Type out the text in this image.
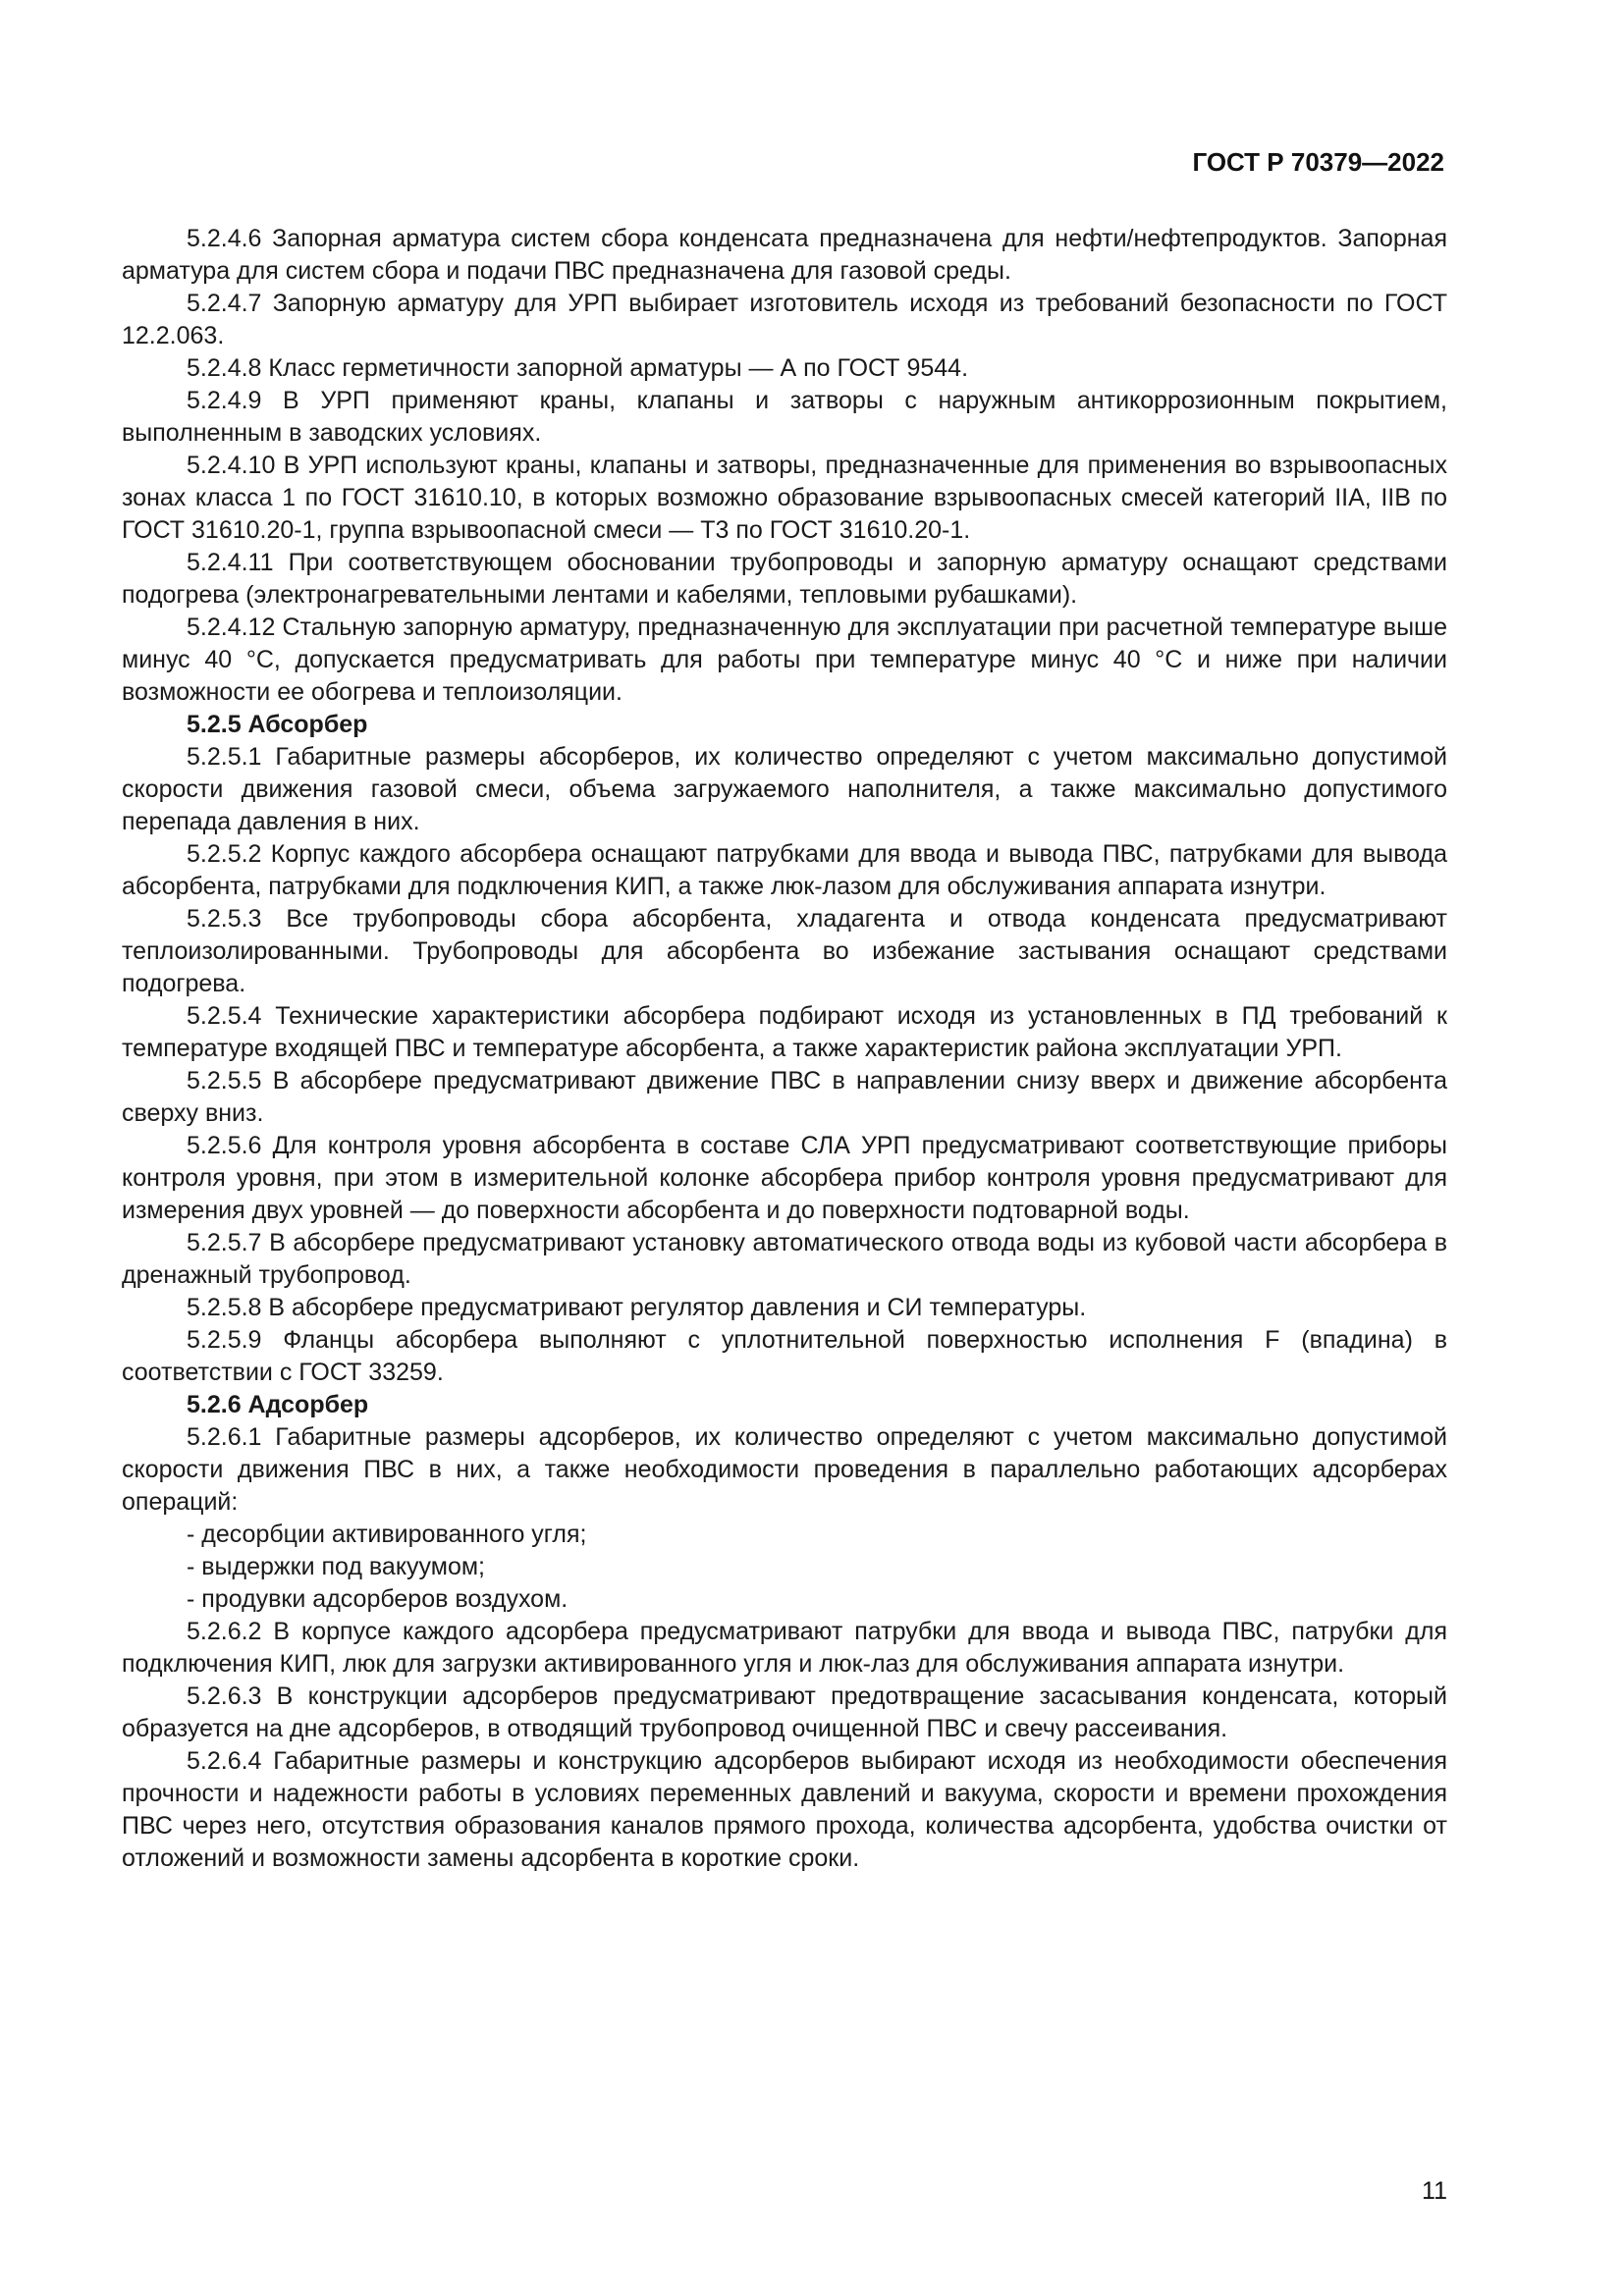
ГОСТ Р 70379—2022

5.2.4.6 Запорная арматура систем сбора конденсата предназначена для нефти/нефтепродуктов. Запорная арматура для систем сбора и подачи ПВС предназначена для газовой среды.

5.2.4.7 Запорную арматуру для УРП выбирает изготовитель исходя из требований безопасности по ГОСТ 12.2.063.

5.2.4.8 Класс герметичности запорной арматуры — А по ГОСТ 9544.

5.2.4.9 В УРП применяют краны, клапаны и затворы с наружным антикоррозионным покрытием, выполненным в заводских условиях.

5.2.4.10 В УРП используют краны, клапаны и затворы, предназначенные для применения во взрывоопасных зонах класса 1 по ГОСТ 31610.10, в которых возможно образование взрывоопасных смесей категорий IIA, IIB по ГОСТ 31610.20-1, группа взрывоопасной смеси — Т3 по ГОСТ 31610.20-1.

5.2.4.11 При соответствующем обосновании трубопроводы и запорную арматуру оснащают средствами подогрева (электронагревательными лентами и кабелями, тепловыми рубашками).

5.2.4.12 Стальную запорную арматуру, предназначенную для эксплуатации при расчетной температуре выше минус 40 °С, допускается предусматривать для работы при температуре минус 40 °С и ниже при наличии возможности ее обогрева и теплоизоляции.

5.2.5 Абсорбер

5.2.5.1 Габаритные размеры абсорберов, их количество определяют с учетом максимально допустимой скорости движения газовой смеси, объема загружаемого наполнителя, а также максимально допустимого перепада давления в них.

5.2.5.2 Корпус каждого абсорбера оснащают патрубками для ввода и вывода ПВС, патрубками для вывода абсорбента, патрубками для подключения КИП, а также люк-лазом для обслуживания аппарата изнутри.

5.2.5.3 Все трубопроводы сбора абсорбента, хладагента и отвода конденсата предусматривают теплоизолированными. Трубопроводы для абсорбента во избежание застывания оснащают средствами подогрева.

5.2.5.4 Технические характеристики абсорбера подбирают исходя из установленных в ПД требований к температуре входящей ПВС и температуре абсорбента, а также характеристик района эксплуатации УРП.

5.2.5.5 В абсорбере предусматривают движение ПВС в направлении снизу вверх и движение абсорбента сверху вниз.

5.2.5.6 Для контроля уровня абсорбента в составе СЛА УРП предусматривают соответствующие приборы контроля уровня, при этом в измерительной колонке абсорбера прибор контроля уровня предусматривают для измерения двух уровней — до поверхности абсорбента и до поверхности подтоварной воды.

5.2.5.7 В абсорбере предусматривают установку автоматического отвода воды из кубовой части абсорбера в дренажный трубопровод.

5.2.5.8 В абсорбере предусматривают регулятор давления и СИ температуры.

5.2.5.9 Фланцы абсорбера выполняют с уплотнительной поверхностью исполнения F (впадина) в соответствии с ГОСТ 33259.

5.2.6 Адсорбер

5.2.6.1 Габаритные размеры адсорберов, их количество определяют с учетом максимально допустимой скорости движения ПВС в них, а также необходимости проведения в параллельно работающих адсорберах операций:

- десорбции активированного угля;

- выдержки под вакуумом;

- продувки адсорберов воздухом.

5.2.6.2 В корпусе каждого адсорбера предусматривают патрубки для ввода и вывода ПВС, патрубки для подключения КИП, люк для загрузки активированного угля и люк-лаз для обслуживания аппарата изнутри.

5.2.6.3 В конструкции адсорберов предусматривают предотвращение засасывания конденсата, который образуется на дне адсорберов, в отводящий трубопровод очищенной ПВС и свечу рассеивания.

5.2.6.4 Габаритные размеры и конструкцию адсорберов выбирают исходя из необходимости обеспечения прочности и надежности работы в условиях переменных давлений и вакуума, скорости и времени прохождения ПВС через него, отсутствия образования каналов прямого прохода, количества адсорбента, удобства очистки от отложений и возможности замены адсорбента в короткие сроки.

11
